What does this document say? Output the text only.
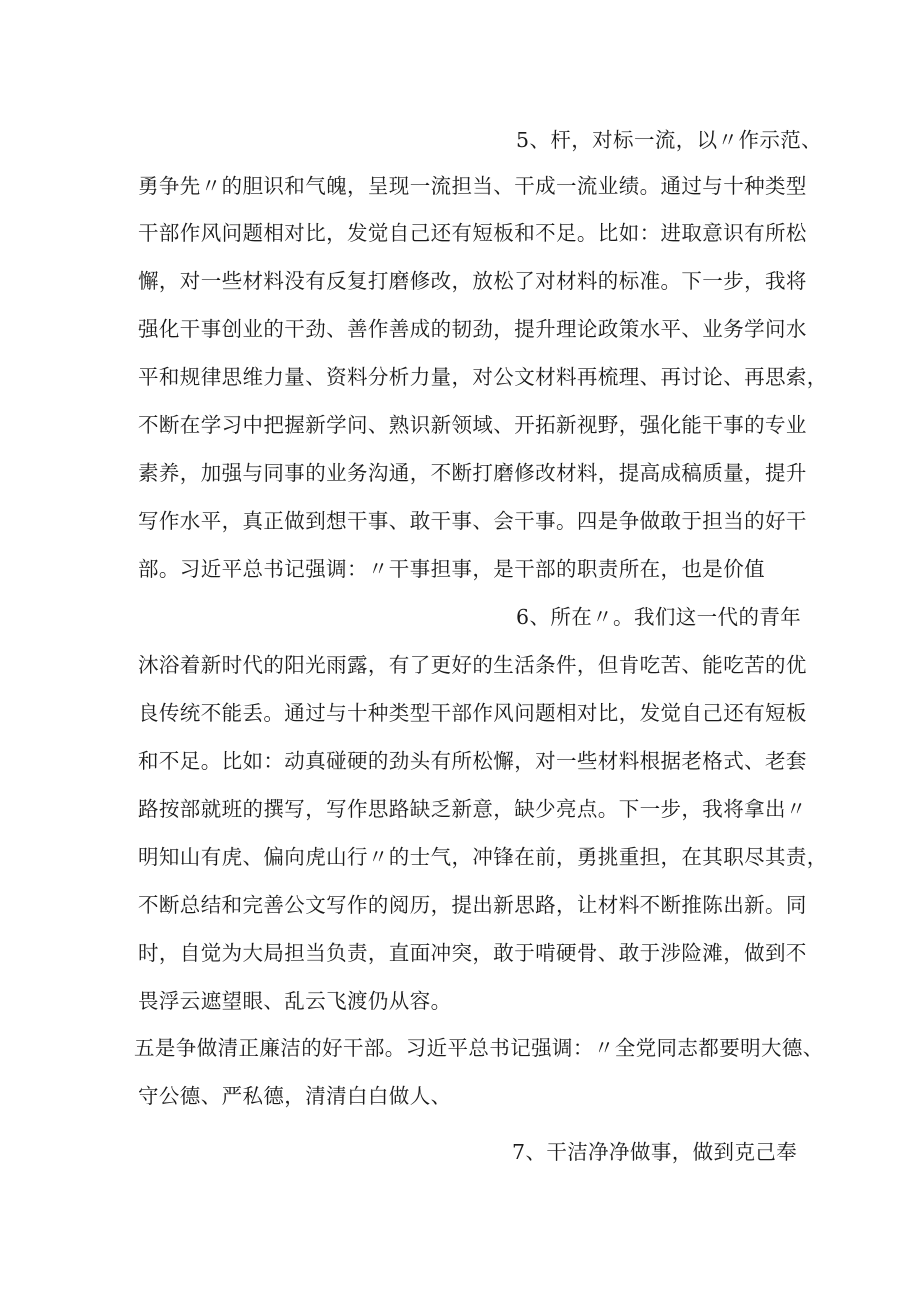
5、杆，对标一流，以〃作示范、
勇争先〃的胆识和气魄，呈现一流担当、干成一流业绩。通过与十种类型
干部作风问题相对比，发觉自己还有短板和不足。比如：进取意识有所松
懈，对一些材料没有反复打磨修改，放松了对材料的标准。下一步，我将
强化干事创业的干劲、善作善成的韧劲，提升理论政策水平、业务学问水
平和规律思维力量、资料分析力量，对公文材料再梳理、再讨论、再思索，
不断在学习中把握新学问、熟识新领域、开拓新视野，强化能干事的专业
素养，加强与同事的业务沟通，不断打磨修改材料，提高成稿质量，提升
写作水平，真正做到想干事、敢干事、会干事。四是争做敢于担当的好干
部。习近平总书记强调：〃干事担事，是干部的职责所在，也是价值
6、所在〃。我们这一代的青年
沐浴着新时代的阳光雨露，有了更好的生活条件，但肯吃苦、能吃苦的优
良传统不能丢。通过与十种类型干部作风问题相对比，发觉自己还有短板
和不足。比如：动真碰硬的劲头有所松懈，对一些材料根据老格式、老套
路按部就班的撰写，写作思路缺乏新意，缺少亮点。下一步，我将拿出〃
明知山有虎、偏向虎山行〃的士气，冲锋在前，勇挑重担，在其职尽其责，
不断总结和完善公文写作的阅历，提出新思路，让材料不断推陈出新。同
时，自觉为大局担当负责，直面冲突，敢于啃硬骨、敢于涉险滩，做到不
畏浮云遮望眼、乱云飞渡仍从容。
五是争做清正廉洁的好干部。习近平总书记强调：〃全党同志都要明大德、
守公德、严私德，清清白白做人、
7、干洁净净做事，做到克己奉
